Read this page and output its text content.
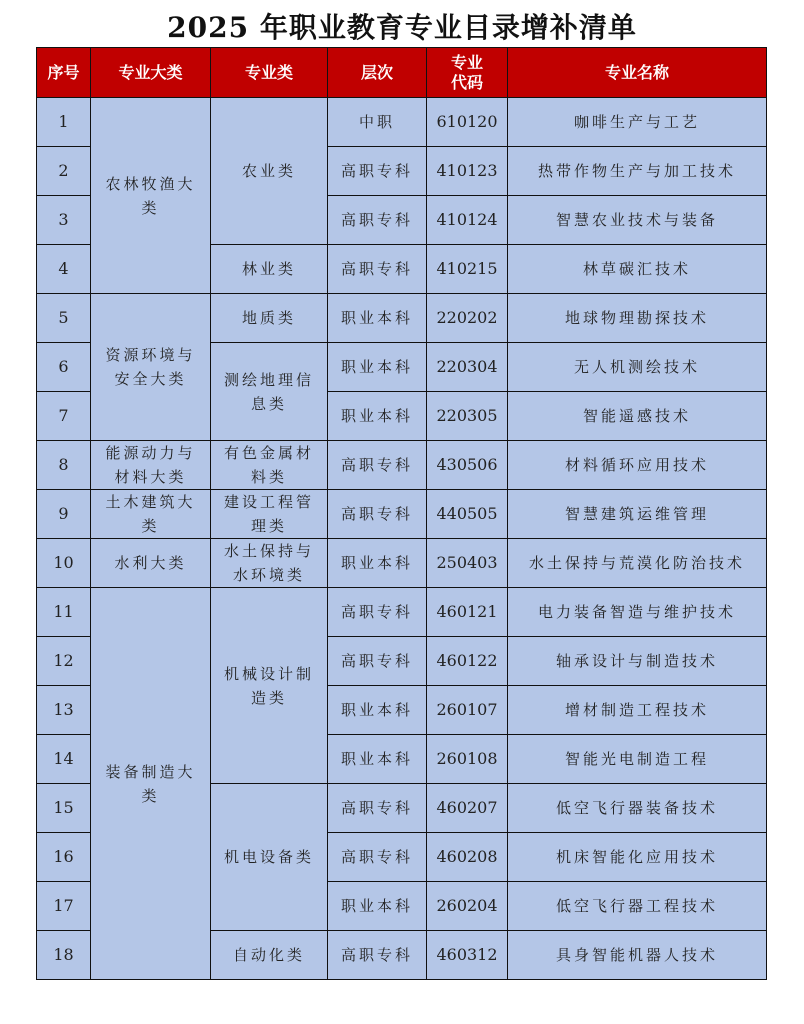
2025 年职业教育专业目录增补清单
序号	专业大类	专业类	层次	专业代码	专业名称
1	农林牧渔大类	农业类	中职	610120	咖啡生产与工艺
2			高职专科	410123	热带作物生产与加工技术
3			高职专科	410124	智慧农业技术与装备
4		林业类	高职专科	410215	林草碳汇技术
5	资源环境与安全大类	地质类	职业本科	220202	地球物理勘探技术
6		测绘地理信息类	职业本科	220304	无人机测绘技术
7			职业本科	220305	智能遥感技术
8	能源动力与材料大类	有色金属材料类	高职专科	430506	材料循环应用技术
9	土木建筑大类	建设工程管理类	高职专科	440505	智慧建筑运维管理
10	水利大类	水土保持与水环境类	职业本科	250403	水土保持与荒漠化防治技术
11	装备制造大类	机械设计制造类	高职专科	460121	电力装备智造与维护技术
12			高职专科	460122	轴承设计与制造技术
13			职业本科	260107	增材制造工程技术
14			职业本科	260108	智能光电制造工程
15		机电设备类	高职专科	460207	低空飞行器装备技术
16			高职专科	460208	机床智能化应用技术
17			职业本科	260204	低空飞行器工程技术
18		自动化类	高职专科	460312	具身智能机器人技术
